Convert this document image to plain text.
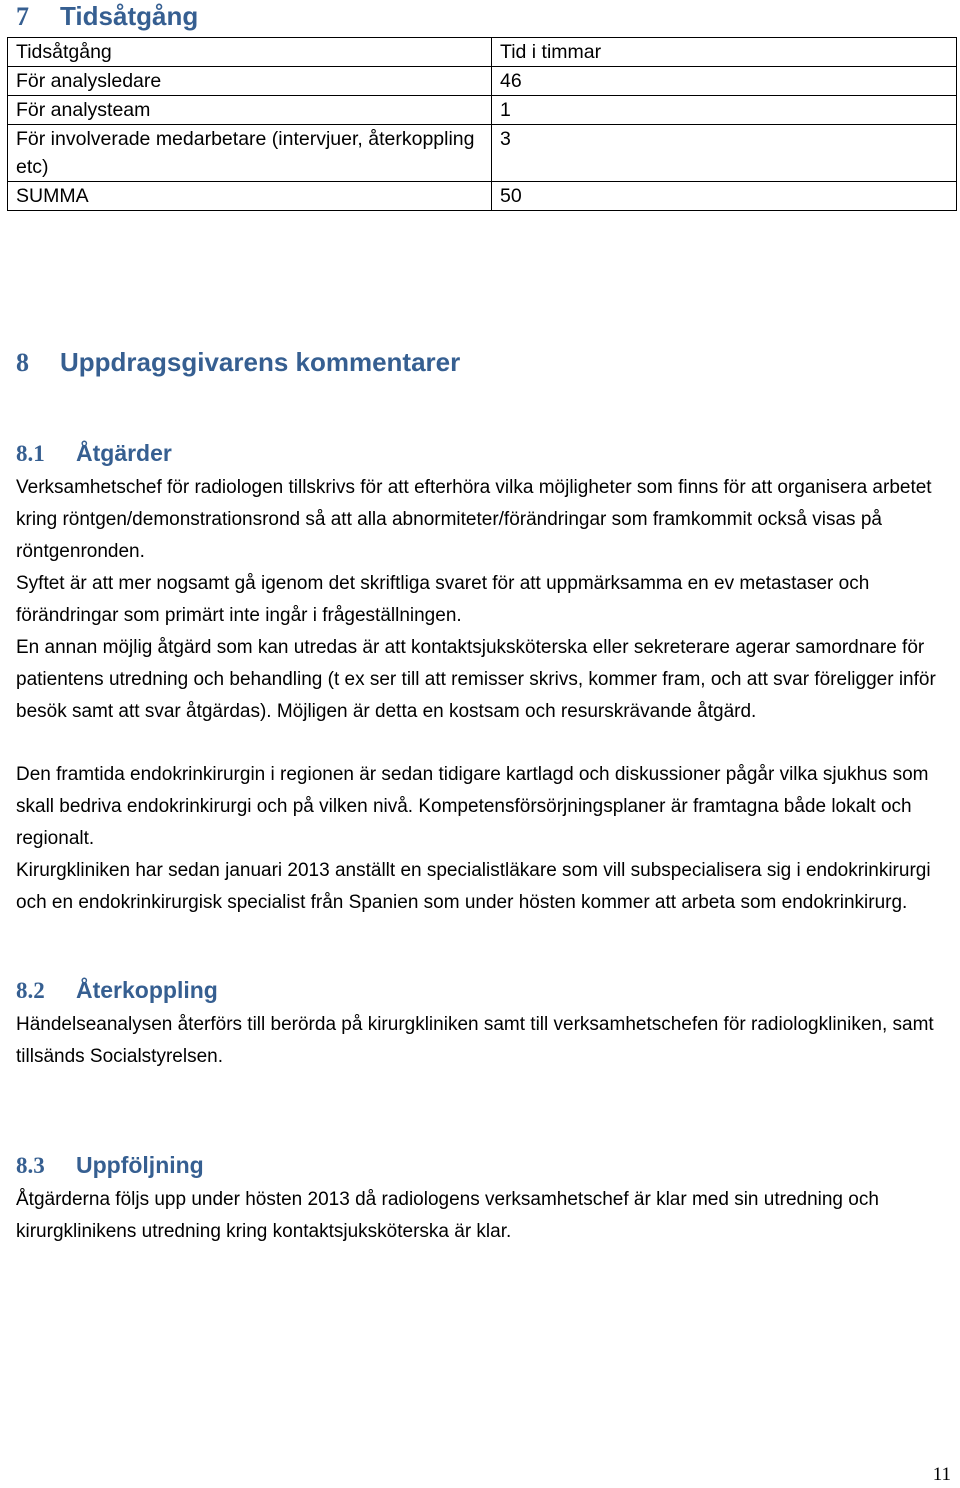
7 Tidsåtgång
Tidsåtgång	Tid i timmar
För analysledare	46
För analysteam	1
För involverade medarbetare (intervjuer, återkoppling etc)	3
SUMMA	50
8 Uppdragsgivarens kommentarer
8.1 Åtgärder

Verksamhetschef för radiologen tillskrivs för att efterhöra vilka möjligheter som finns för att organisera arbetet kring röntgen/demonstrationsrond så att alla abnormiteter/förändringar som framkommit också visas på röntgenronden.

Syftet är att mer nogsamt gå igenom det skriftliga svaret för att uppmärksamma en ev metastaser och förändringar som primärt inte ingår i frågeställningen.

En annan möjlig åtgärd som kan utredas är att kontaktsjuksköterska eller sekreterare agerar samordnare för patientens utredning och behandling (t ex ser till att remisser skrivs, kommer fram, och att svar föreligger inför besök samt att svar åtgärdas). Möjligen är detta en kostsam och resurskrävande åtgärd.

Den framtida endokrinkirurgin i regionen är sedan tidigare kartlagd och diskussioner pågår vilka sjukhus som skall bedriva endokrinkirurgi och på vilken nivå. Kompetensförsörjningsplaner är framtagna både lokalt och regionalt.

Kirurgkliniken har sedan januari 2013 anställt en specialistläkare som vill subspecialisera sig i endokrinkirurgi och en endokrinkirurgisk specialist från Spanien som under hösten kommer att arbeta som endokrinkirurg.

8.2 Återkoppling

Händelseanalysen återförs till berörda på kirurgkliniken samt till verksamhetschefen för radiologkliniken, samt tillsänds Socialstyrelsen.

8.3 Uppföljning

Åtgärderna följs upp under hösten 2013 då radiologens verksamhetschef är klar med sin utredning och kirurgklinikens utredning kring kontaktsjuksköterska är klar.

11
